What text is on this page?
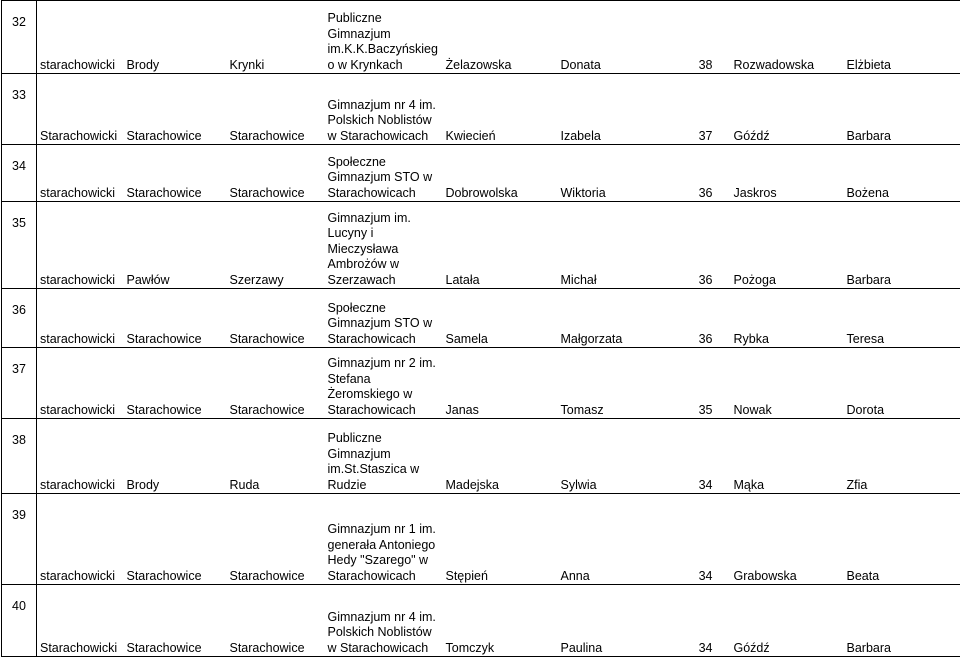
32	starachowicki	Brody	Krynki	Publiczne Gimnazjum im.K.K.Baczyńskieg o w Krynkach	Żelazowska	Donata	38	Rozwadowska	Elżbieta
33	Starachowicki	Starachowice	Starachowice	Gimnazjum nr 4 im. Polskich Noblistów w Starachowicach	Kwiecień	Izabela	37	Góźdź	Barbara
34	starachowicki	Starachowice	Starachowice	Społeczne Gimnazjum STO w Starachowicach	Dobrowolska	Wiktoria	36	Jaskros	Bożena
35	starachowicki	Pawłów	Szerzawy	Gimnazjum im. Lucyny i Mieczysława Ambrożów w Szerzawach	Latała	Michał	36	Pożoga	Barbara
36	starachowicki	Starachowice	Starachowice	Społeczne Gimnazjum STO w Starachowicach	Samela	Małgorzata	36	Rybka	Teresa
37	starachowicki	Starachowice	Starachowice	Gimnazjum nr 2 im. Stefana Żeromskiego w Starachowicach	Janas	Tomasz	35	Nowak	Dorota
38	starachowicki	Brody	Ruda	Publiczne Gimnazjum im.St.Staszica w Rudzie	Madejska	Sylwia	34	Mąka	Zfia
39	starachowicki	Starachowice	Starachowice	Gimnazjum nr 1 im. generała Antoniego Hedy "Szarego" w Starachowicach	Stępień	Anna	34	Grabowska	Beata
40	Starachowicki	Starachowice	Starachowice	Gimnazjum nr 4 im. Polskich Noblistów w Starachowicach	Tomczyk	Paulina	34	Góźdź	Barbara
